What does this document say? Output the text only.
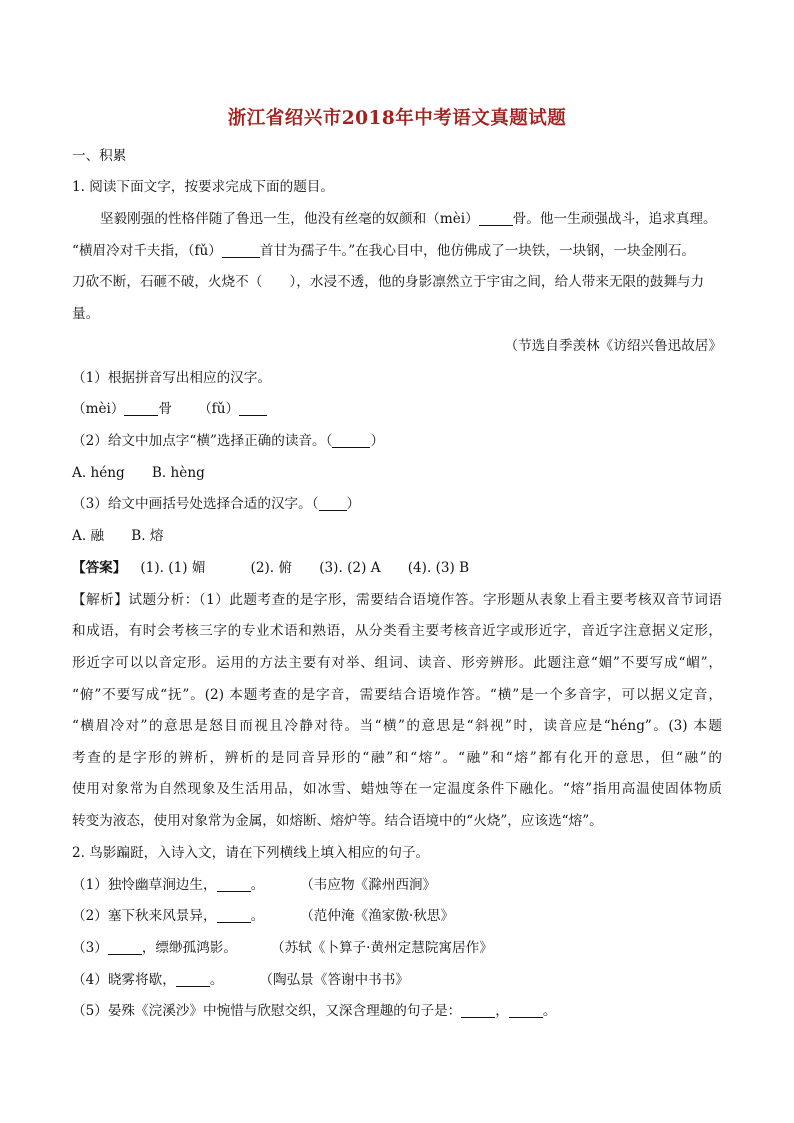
浙江省绍兴市2018年中考语文真题试题
一、积累
1. 阅读下面文字，按要求完成下面的题目。
坚毅刚强的性格伴随了鲁迅一生，他没有丝毫的奴颜和（mèi）	骨。他一生顽强战斗，追求真理。
“横眉冷对千夫指，（fǔ）	首甘为孺子牛。”在我心目中，他仿佛成了一块铁，一块钢，一块金刚石。
刀砍不断，石砸不破，火烧不（　　），水浸不透，他的身影凛然立于宇宙之间，给人带来无限的鼓舞与力
量。
（节选自季羡林《访绍兴鲁迅故居》
（1）根据拼音写出相应的汉字。
（mèi）	骨 （fǔ）
（2）给文中加点字“横”选择正确的读音。（	）
A. héng　　B. hèng
（3）给文中画括号处选择合适的汉字。（ ）
A. 融　　B. 熔
【答案】 (1). (1) 媚　　　 (2). 俯　　(3). (2) A　　(4). (3) B
【解析】试题分析：（1）此题考查的是字形，需要结合语境作答。字形题从表象上看主要考核双音节词语
和成语，有时会考核三字的专业术语和熟语，从分类看主要考核音近字或形近字，音近字注意据义定形，
形近字可以以音定形。运用的方法主要有对举、组词、读音、形旁辨形。此题注意“媚”不要写成“嵋”，
“俯”不要写成“抚”。(2) 本题考查的是字音，需要结合语境作答。“横”是一个多音字，可以据义定音，
“横眉冷对”的意思是怒目而视且冷静对待。当“横”的意思是“斜视”时，读音应是“héng”。(3) 本题
考查的是字形的辨析，辨析的是同音异形的“融”和“熔”。“融”和“熔”都有化开的意思，但“融”的
使用对象常为自然现象及生活用品，如冰雪、蜡烛等在一定温度条件下融化。“熔”指用高温使固体物质
转变为液态，使用对象常为金属，如熔断、熔炉等。结合语境中的“火烧”，应该选“熔”。
2. 鸟影蹁跹，入诗入文，请在下列横线上填入相应的句子。
（1）独怜幽草涧边生，	。	（韦应物《滁州西涧》
（2）塞下秋来风景异，	。	（范仲淹《渔家傲·秋思》
（3）	，缥缈孤鸿影。	（苏轼《卜算子·黄州定慧院寓居作》
（4）晓雾将歇，	。	（陶弘景《答谢中书书》
（5）晏殊《浣溪沙》中惋惜与欣慰交织，又深含理趣的句子是：	，	。
